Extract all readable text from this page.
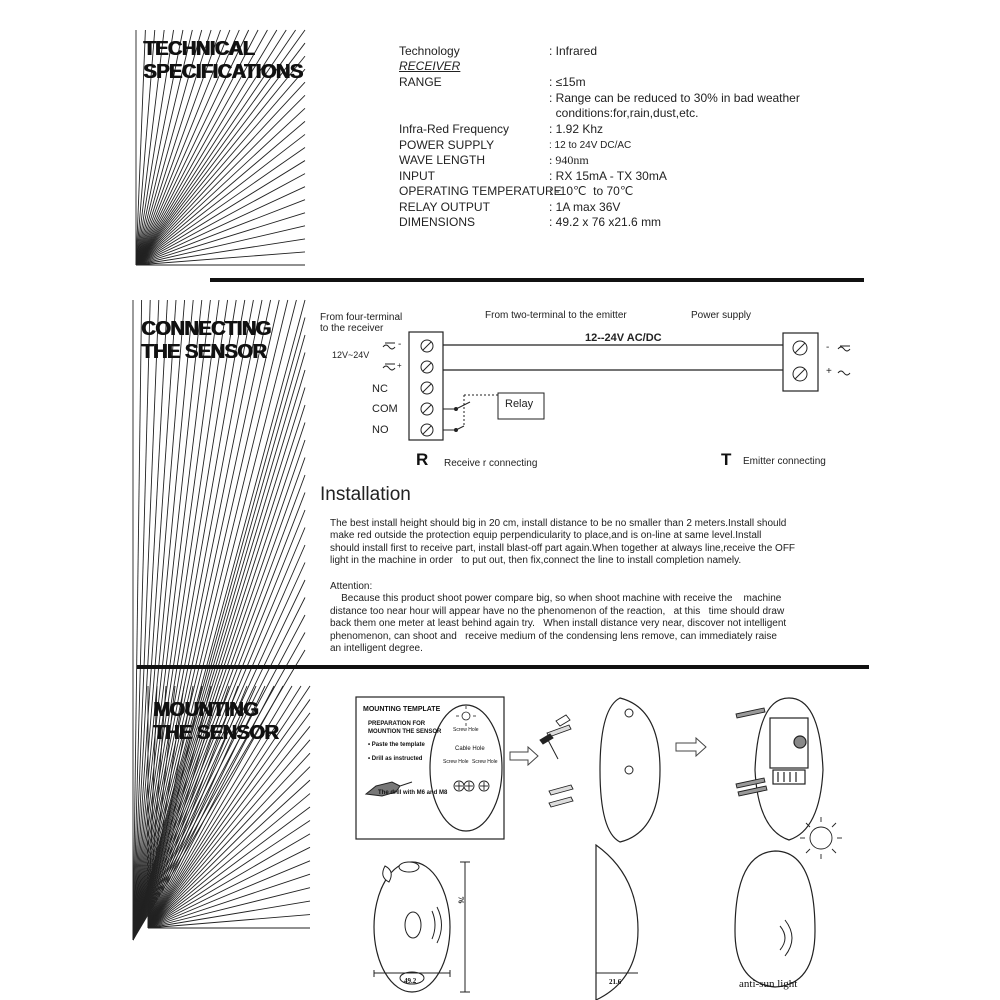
TECHNICAL
SPECIFICATIONS
Technology	: Infrared
RECEIVER
RANGE	: ≤15m
: Range can be reduced to 30% in bad weather
conditions:for,rain,dust,etc.
Infra-Red Frequency	: 1.92 Khz
POWER SUPPLY	: 12 to 24V DC/AC
WAVE LENGTH	: 940nm
INPUT	: RX 15mA - TX 30mA
OPERATING TEMPERATURE
: -10℃  to 70℃
RELAY OUTPUT	: 1A max 36V
DIMENSIONS	: 49.2 x 76 x21.6 mm
CONNECTING
THE SENSOR
From four-terminal
to the receiver
From two-terminal to the emitter	Power supply
12V~24V
12--24V AC/DC
-
+
-
+
NC
COM
NO
Relay
R Receive r connecting	T Emitter connecting
Installation
The best install height should big in 20 cm, install distance to be no smaller than 2 meters.Install should
make red outside the protection equip perpendicularity to place,and is on-line at same level.Install
should install first to receive part, install blast-off part again.When together at always line,receive the OFF
light in the machine in order   to put out, then fix,connect the line to install completion namely.
Attention:
Because this product shoot power compare big, so when shoot machine with receive the    machine
distance too near hour will appear have no the phenomenon of the reaction,   at this   time should draw
back them one meter at least behind again try.   When install distance very near, discover not intelligent
phenomenon, can shoot and   receive medium of the condensing lens remove, can immediately raise
an intelligent degree.
MOUNTING
THE SENSOR
MOUNTING TEMPLATE
PREPARATION FOR
MOUNTION THE SENSOR
• Paste the template
• Drill as instructed
The drill with M6 and M8
Screw Hole
Cable Hole
Screw Hole Screw Hole
49.2
76
21.6	anti-sun light
